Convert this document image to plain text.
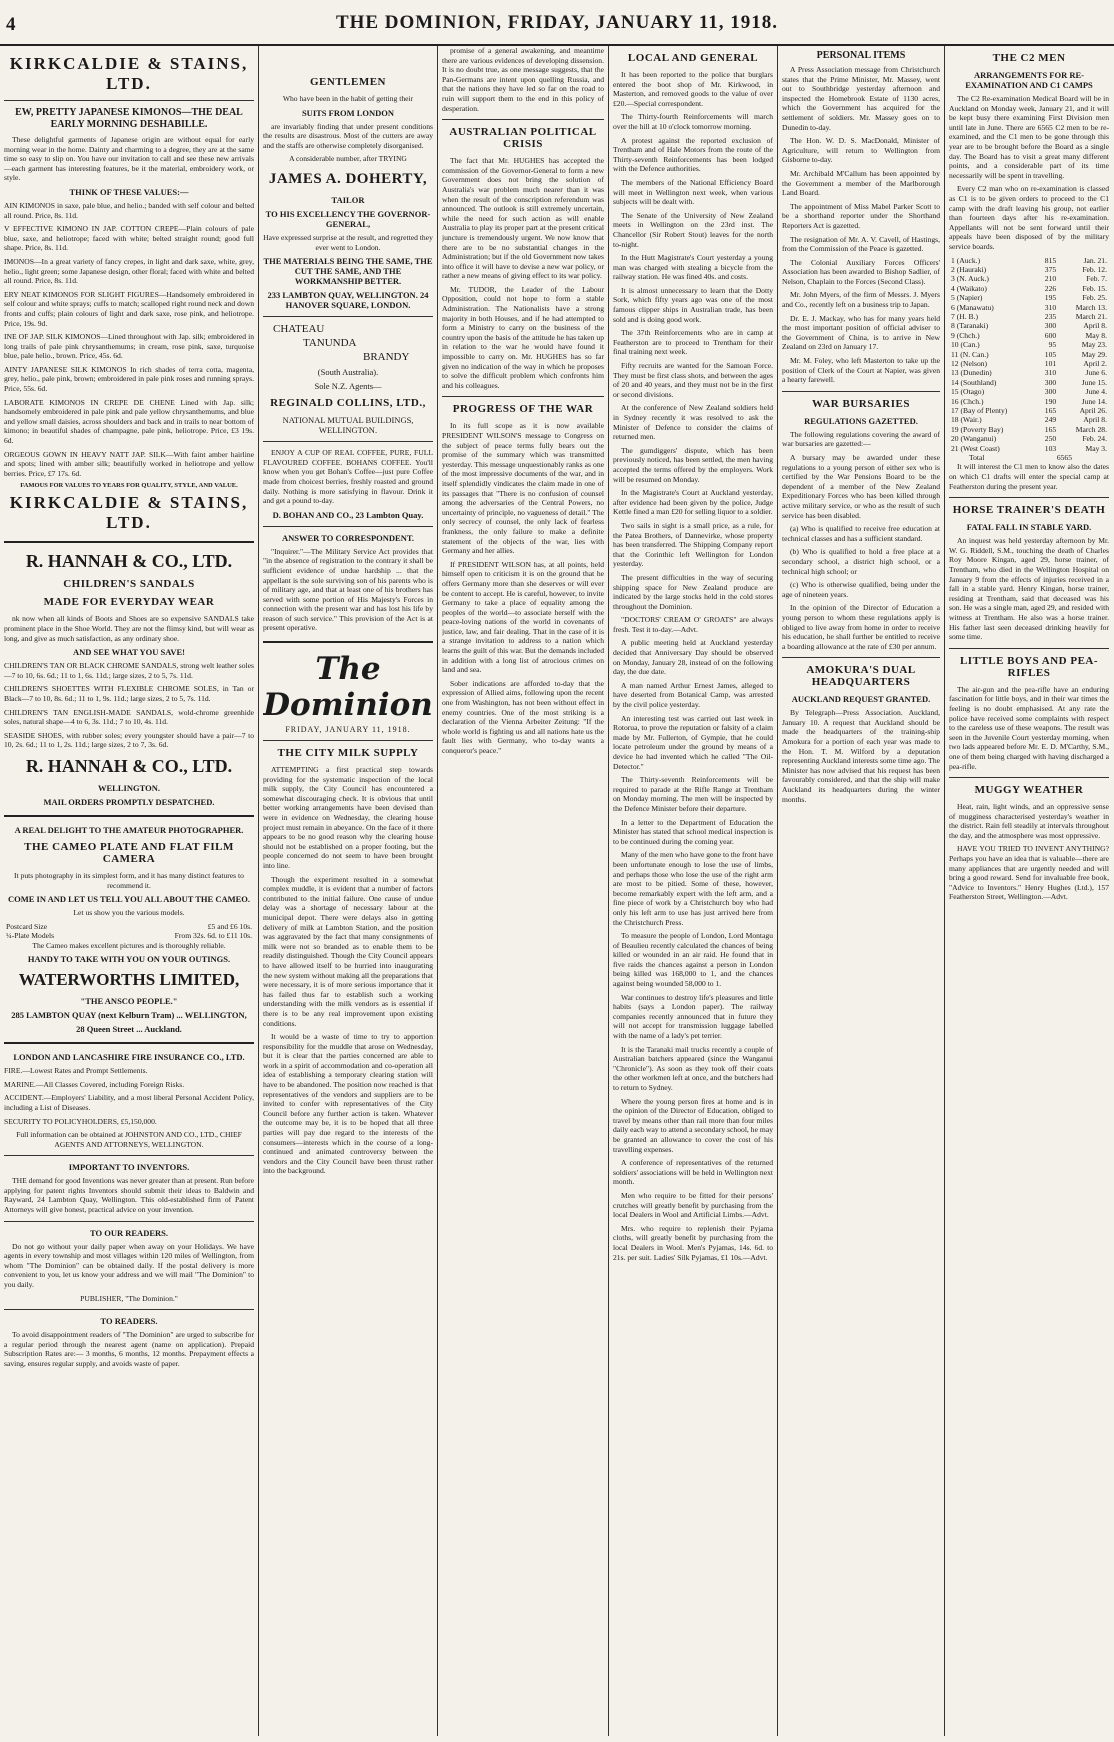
4	THE DOMINION, FRIDAY, JANUARY 11, 1918.
KIRKCALDIE & STAINS, LTD.
EW, PRETTY JAPANESE KIMONOS—THE DEAL EARLY MORNING DESHABILLE.

These delightful garments of Japanese origin are without equal for early morning wear in the home. Dainty and charming to a degree, they are at the same time so easy to slip on. You have our invitation to call and see these new arrivals—each garment has interesting features, be it the material, embroidery work, or style.

THINK OF THESE VALUES:—

AIN KIMONOS in saxe, pale blue, and helio.; banded with self colour and belted all round. Price, 8s. 11d.

V EFFECTIVE KIMONO IN JAP. COTTON CREPE—Plain colours of pale blue, saxe, and heliotrope; faced with white; belted straight round; good full shape. Price, 8s. 11d.

IMONOS—In a great variety of fancy crepes, in light and dark saxe, white, grey, helio., light green; some Japanese design, other floral; faced with white and belted all round. Price, 8s. 11d.

ERY NEAT KIMONOS FOR SLIGHT FIGURES—Handsomely embroidered in self colour and white sprays; cuffs to match; scalloped right round neck and down fronts and cuffs; plain colours of light and dark saxe, rose pink, and heliotrope. Price, 19s. 9d.

INE OF JAP. SILK KIMONOS—Lined throughout with Jap. silk; embroidered in long trails of pale pink chrysanthemums; in cream, rose pink, saxe, turquoise blue, pale helio., brown. Price, 45s. 6d.

AINTY JAPANESE SILK KIMONOS In rich shades of terra cotta, magenta, grey, helio., pale pink, brown; embroidered in pale pink roses and running sprays. Price, 55s. 6d.

LABORATE KIMONOS IN CREPE DE CHENE Lined with Jap. silk; handsomely embroidered in pale pink and pale yellow chrysanthemums, and blue and yellow small daisies, across shoulders and back and in trails to near bottom of kimono; in beautiful shades of champagne, pale pink, heliotrope. Price, £3 19s. 6d.

ORGEOUS GOWN IN HEAVY NATT JAP. SILK—With faint amber hairline and spots; lined with amber silk; beautifully worked in heliotrope and yellow berries. Price, £7 17s. 6d.

FAMOUS FOR VALUES TO YEARS FOR QUALITY, STYLE, AND VALUE.
KIRKCALDIE & STAINS, LTD.
R. HANNAH & CO., LTD.
CHILDREN'S SANDALS
MADE FOR EVERYDAY WEAR

nk now when all kinds of Boots and Shoes are so expensive SANDALS take prominent place in the Shoe World. They are not the flimsy kind, but will wear as long, and give as much satisfaction, as any ordinary shoe.

AND SEE WHAT YOU SAVE!

CHILDREN'S TAN OR BLACK CHROME SANDALS, strong welt leather soles—7 to 10, 6s. 6d.; 11 to 1, 6s. 11d.; large sizes, 2 to 5, 7s. 11d.

CHILDREN'S SHOETTES WITH FLEXIBLE CHROME SOLES, in Tan or Black—7 to 10, 8s. 6d.; 11 to 1, 9s. 11d.; large sizes, 2 to 5, 7s. 11d.

CHILDREN'S TAN ENGLISH-MADE SANDALS, wold-chrome greenhide soles, natural shape—4 to 6, 3s. 11d.; 7 to 10, 4s. 11d.

SEASIDE SHOES, with rubber soles; every youngster should have a pair—7 to 10, 2s. 6d.; 11 to 1, 2s. 11d.; large sizes, 2 to 7, 3s. 6d.

R. HANNAH & CO., LTD.
WELLINGTON.
MAIL ORDERS PROMPTLY DESPATCHED.
A REAL DELIGHT TO THE AMATEUR PHOTOGRAPHER.
THE CAMEO PLATE AND FLAT FILM CAMERA

It puts photography in its simplest form, and it has many distinct features to recommend it.

COME IN AND LET US TELL YOU ALL ABOUT THE CAMEO.

Let us show you the various models.

Postcard Size	£5 and £6 10s.
¼-Plate Models	From 32s. 6d. to £11 10s.

The Cameo makes excellent pictures and is thoroughly reliable.

HANDY TO TAKE WITH YOU ON YOUR OUTINGS.
WATERWORTHS LIMITED,
"THE ANSCO PEOPLE."
285 LAMBTON QUAY (next Kelburn Tram) ... WELLINGTON,
28 Queen Street ... Auckland.
LONDON AND LANCASHIRE FIRE INSURANCE CO., LTD.

FIRE.—Lowest Rates and Prompt Settlements.

MARINE.—All Classes Covered, including Foreign Risks.

ACCIDENT.—Employers' Liability, and a most liberal Personal Accident Policy, including a List of Diseases.

SECURITY TO POLICYHOLDERS, £5,150,000.

Full information can be obtained at JOHNSTON AND CO., LTD., CHIEF AGENTS AND ATTORNEYS, WELLINGTON.

IMPORTANT TO INVENTORS.

THE demand for good Inventions was never greater than at present. Run before applying for patent rights Inventors should submit their ideas to Baldwin and Rayward, 24 Lambton Quay, Wellington. This old-established firm of Patent Attorneys will give honest, practical advice on your invention.

TO OUR READERS.

Do not go without your daily paper when away on your Holidays. We have agents in every township and most villages within 120 miles of Wellington, from whom "The Dominion" can be obtained daily. If the postal delivery is more convenient to you, let us know your address and we will mail "The Dominion" to you daily.

PUBLISHER, "The Dominion."

TO READERS.

To avoid disappointment readers of "The Dominion" are urged to subscribe for a regular period through the nearest agent (name on application). Prepaid Subscription Rates are:— 3 months, 6 months, 12 months. Prepayment effects a saving, ensures regular supply, and avoids waste of paper.

GENTLEMEN

Who have been in the habit of getting their

SUITS FROM LONDON

are invariably finding that under present conditions the results are disastrous. Most of the cutters are away and the staffs are otherwise completely disorganised.

A considerable number, after TRYING

JAMES A. DOHERTY,
TAILOR
TO HIS EXCELLENCY THE GOVERNOR-GENERAL,

Have expressed surprise at the result, and regretted they ever went to London.

THE MATERIALS BEING THE SAME, THE CUT THE SAME, AND THE WORKMANSHIP BETTER.
233 LAMBTON QUAY, WELLINGTON. 24 HANOVER SQUARE, LONDON.
CHATEAU
TANUNDA
BRANDY
(South Australia).
Sole N.Z. Agents—
REGINALD COLLINS, LTD.,
NATIONAL MUTUAL BUILDINGS, WELLINGTON.

ENJOY A CUP OF REAL COFFEE, PURE, FULL FLAVOURED COFFEE. BOHANS COFFEE. You'll know when you get Bohan's Coffee—just pure Coffee made from choicest berries, freshly roasted and ground daily. Nothing is more satisfying in flavour. Drink it and get a pound to-day.

D. BOHAN AND CO., 23 Lambton Quay.
ANSWER TO CORRESPONDENT.

"Inquirer."—The Military Service Act provides that "in the absence of registration to the contrary it shall be sufficient evidence of undue hardship ... that the appellant is the sole surviving son of his parents who is of military age, and that at least one of his brothers has served with some portion of His Majesty's Forces in connection with the present war and has lost his life by reason of such service." This provision of the Act is at present operative.

The Dominion
FRIDAY, JANUARY 11, 1918.
THE CITY MILK SUPPLY

ATTEMPTING a first practical step towards providing for the systematic inspection of the local milk supply, the City Council has encountered a somewhat discouraging check. It is obvious that until better working arrangements have been devised than were in evidence on Wednesday, the clearing house project must remain in abeyance. On the face of it there appears to be no good reason why the clearing house should not be established on a proper footing, but the people concerned do not seem to have been brought into line.

Though the experiment resulted in a somewhat complex muddle, it is evident that a number of factors contributed to the initial failure. One cause of undue delay was a shortage of necessary labour at the municipal depot. There were delays also in getting delivery of milk at Lambton Station, and the position was aggravated by the fact that many consignments of milk were not so branded as to enable them to be readily distinguished. Though the City Council appears to have allowed itself to be hurried into inaugurating the new system without making all the preparations that were necessary, it is of more serious importance that it has failed thus far to establish such a working understanding with the milk vendors as is essential if there is to be any real improvement upon existing conditions.

It would be a waste of time to try to apportion responsibility for the muddle that arose on Wednesday, but it is clear that the parties concerned are able to work in a spirit of accommodation and co-operation all idea of establishing a temporary clearing station will have to be abandoned. The position now reached is that representatives of the vendors and suppliers are to be invited to confer with representatives of the City Council before any further action is taken. Whatever the outcome may be, it is to be hoped that all three parties will pay due regard to the interests of the consumers—interests which in the course of a long-continued and animated controversy between the vendors and the City Council have been thrust rather into the background.

promise of a general awakening, and meantime there are various evidences of developing dissension. It is no doubt true, as one message suggests, that the Pan-Germans are intent upon quelling Russia, and that the nations they have led so far on the road to ruin will support them to the end in this policy of desperation.

AUSTRALIAN POLITICAL CRISIS

The fact that Mr. HUGHES has accepted the commission of the Governor-General to form a new Government does not bring the solution of Australia's war problem much nearer than it was when the result of the conscription referendum was announced. The outlook is still extremely uncertain, while the need for such action as will enable Australia to play its proper part at the present critical juncture is tremendously urgent. We now know that there are to be no substantial changes in the Administration; but if the old Government now takes into office it will have to devise a new war policy, or rather a new means of giving effect to its war policy.

Mr. TUDOR, the Leader of the Labour Opposition, could not hope to form a stable Administration. The Nationalists have a strong majority in both Houses, and if he had attempted to form a Ministry to carry on the business of the country upon the basis of the attitude he has taken up in relation to the war he would have found it impossible to carry on. Mr. HUGHES has so far given no indication of the way in which he proposes to solve the difficult problem which confronts him and his colleagues.

PROGRESS OF THE WAR

In its full scope as it is now available PRESIDENT WILSON'S message to Congress on the subject of peace terms fully bears out the promise of the summary which was transmitted yesterday. This message unquestionably ranks as one of the most impressive documents of the war, and in itself splendidly vindicates the claim made in one of its passages that "There is no confusion of counsel among the adversaries of the Central Powers, no uncertainty of principle, no vagueness of detail." The only secrecy of counsel, the only lack of fearless frankness, the only failure to make a definite statement of the objects of the war, lies with Germany and her allies.

If PRESIDENT WILSON has, at all points, held himself open to criticism it is on the ground that he offers Germany more than she deserves or will ever be content to accept. He is careful, however, to invite Germany to take a place of equality among the peoples of the world—to associate herself with the peace-loving nations of the world in covenants of justice, law, and fair dealing. That in the case of it is a strange invitation to address to a nation which learns the guilt of this war. But the demands included in addition with a long list of atrocious crimes on land and sea.

Sober indications are afforded to-day that the expression of Allied aims, following upon the recent one from Washington, has not been without effect in enemy countries. One of the most striking is a declaration of the Vienna Arbeiter Zeitung: "If the whole world is fighting us and all nations hate us the fault lies with Germany, who to-day wants a conqueror's peace."

LOCAL AND GENERAL

It has been reported to the police that burglars entered the boot shop of Mr. Kirkwood, in Masterton, and removed goods to the value of over £20.—Special correspondent.

The Thirty-fourth Reinforcements will march over the hill at 10 o'clock tomorrow morning.

A protest against the reported exclusion of Trentham and of Hale Motors from the route of the Thirty-seventh Reinforcements has been lodged with the Defence authorities.

The members of the National Efficiency Board will meet in Wellington next week, when various subjects will be dealt with.

The Senate of the University of New Zealand meets in Wellington on the 23rd inst. The Chancellor (Sir Robert Stout) leaves for the north to-night.

In the Hutt Magistrate's Court yesterday a young man was charged with stealing a bicycle from the railway station. He was fined 40s. and costs.

It is almost unnecessary to learn that the Dotty Sork, which fifty years ago was one of the most famous clipper ships in Australian trade, has been sold and is doing good work.

The 37th Reinforcements who are in camp at Featherston are to proceed to Trentham for their final training next week.

Fifty recruits are wanted for the Samoan Force. They must be first class shots, and between the ages of 20 and 40 years, and they must not be in the first or second divisions.

At the conference of New Zealand soldiers held in Sydney recently it was resolved to ask the Minister of Defence to consider the claims of returned men.

The gumdiggers' dispute, which has been previously noticed, has been settled, the men having accepted the terms offered by the employers. Work will be resumed on Monday.

In the Magistrate's Court at Auckland yesterday, after evidence had been given by the police, Judge Kettle fined a man £20 for selling liquor to a soldier.

Two sails in sight is a small price, as a rule, for the Patea Brothers, of Dannevirke, whose property has been transferred. The Shipping Company report that the Corinthic left Wellington for London yesterday.

The present difficulties in the way of securing shipping space for New Zealand produce are indicated by the large stocks held in the cold stores throughout the Dominion.

"DOCTORS' CREAM O' GROATS" are always fresh. Test it to-day.—Advt.

A public meeting held at Auckland yesterday decided that Anniversary Day should be observed on Monday, January 28, instead of on the following day, the due date.

A man named Arthur Ernest James, alleged to have deserted from Botanical Camp, was arrested by the civil police yesterday.

An interesting test was carried out last week in Rotorua, to prove the reputation or falsity of a claim made by Mr. Fullerton, of Gympie, that he could locate petroleum under the ground by means of a device he had invented which he called "The Oil-Detector."

The Thirty-seventh Reinforcements will be required to parade at the Rifle Range at Trentham on Monday morning. The men will be inspected by the Defence Minister before their departure.

In a letter to the Department of Education the Minister has stated that school medical inspection is to be continued during the coming year.

Many of the men who have gone to the front have been unfortunate enough to lose the use of limbs, and perhaps those who lose the use of the right arm are most to be pitied. Some of these, however, become remarkably expert with the left arm, and a fine piece of work by a Christchurch boy who had only his left arm to use has just arrived here from the Christchurch Press.

To measure the people of London, Lord Montagu of Beaulieu recently calculated the chances of being killed or wounded in an air raid. He found that in five raids the chances against a person in London being killed was 168,000 to 1, and the chances against being wounded 58,000 to 1.

War continues to destroy life's pleasures and little habits (says a London paper). The railway companies recently announced that in future they will not accept for transmission luggage labelled with the name of a lady's pet terrier.

It is the Taranaki mail trucks recently a couple of Australian batchers appeared (since the Wanganui "Chronicle"). As soon as they took off their coats the other workmen left at once, and the butchers had to return to Sydney.

Where the young person fires at home and is in the opinion of the Director of Education, obliged to travel by means other than rail more than four miles daily each way to attend a secondary school, he may be granted an allowance to cover the cost of his travelling expenses.

A conference of representatives of the returned soldiers' associations will be held in Wellington next month.

Men who require to be fitted for their persons' crutches will greatly benefit by purchasing from the local Dealers in Wool and Artificial Limbs.—Advt.

Mrs. who require to replenish their Pyjama cloths, will greatly benefit by purchasing from the local Dealers in Wool. Men's Pyjamas, 14s. 6d. to 21s. per suit. Ladies' Silk Pyjamas, £1 10s.—Advt.

PERSONAL ITEMS

A Press Association message from Christchurch states that the Prime Minister, Mr. Massey, went out to Southbridge yesterday afternoon and inspected the Homebrook Estate of 1130 acres, which the Government has acquired for the settlement of soldiers. Mr. Massey goes on to Dunedin to-day.

The Hon. W. D. S. MacDonald, Minister of Agriculture, will return to Wellington from Gisborne to-day.

Mr. Archibald M'Callum has been appointed by the Government a member of the Marlborough Land Board.

The appointment of Miss Mabel Parker Scott to be a shorthand reporter under the Shorthand Reporters Act is gazetted.

The resignation of Mr. A. V. Cavell, of Hastings, from the Commission of the Peace is gazetted.

The Colonial Auxiliary Forces Officers' Association has been awarded to Bishop Sadlier, of Nelson, Chaplain to the Forces (Second Class).

Mr. John Myers, of the firm of Messrs. J. Myers and Co., recently left on a business trip to Japan.

Dr. E. J. Mackay, who has for many years held the most important position of official adviser to the Government of China, is to arrive in New Zealand on 23rd on January 17.

Mr. M. Foley, who left Masterton to take up the position of Clerk of the Court at Napier, was given a hearty farewell.

WAR BURSARIES
REGULATIONS GAZETTED.

The following regulations covering the award of war bursaries are gazetted:—

A bursary may be awarded under these regulations to a young person of either sex who is certified by the War Pensions Board to be the dependent of a member of the New Zealand Expeditionary Forces who has been killed through active military service, or who as the result of such service has been disabled.

(a) Who is qualified to receive free education at technical classes and has a sufficient standard.

(b) Who is qualified to hold a free place at a secondary school, a district high school, or a technical high school; or

(c) Who is otherwise qualified, being under the age of nineteen years.

In the opinion of the Director of Education a young person to whom these regulations apply is obliged to live away from home in order to receive his education, he shall further be entitled to receive a boarding allowance at the rate of £30 per annum.

AMOKURA'S DUAL HEADQUARTERS
AUCKLAND REQUEST GRANTED.

By Telegraph—Press Association. Auckland, January 10. A request that Auckland should be made the headquarters of the training-ship Amokura for a portion of each year was made to the Hon. T. M. Wilford by a deputation representing Auckland interests some time ago. The Minister has now advised that his request has been favourably considered, and that the ship will make Auckland its headquarters during the winter months.

THE C2 MEN
ARRANGEMENTS FOR RE-EXAMINATION AND C1 CAMPS

The C2 Re-examination Medical Board will be in Auckland on Monday week, January 21, and it will be kept busy there examining First Division men until late in June. There are 6565 C2 men to be re-examined, and the C1 men to be gone through this year are to be brought before the Board as a single day. The Board has to visit a great many different points, and a considerable part of its time necessarily will be spent in travelling.

Every C2 man who on re-examination is classed as C1 is to be given orders to proceed to the C1 camp with the draft leaving his group, not earlier than fourteen days after his re-examination. Appellants will not be sent forward until their appeals have been disposed of by the military service boards.

1 (Auck.)	815	Jan. 21.
2 (Hauraki)	375	Feb. 12.
3 (N. Auck.)	210	Feb. 7.
4 (Waikato)	226	Feb. 15.
5 (Napier)	195	Feb. 25.
6 (Manawatu)	310	March 13.
7 (H. B.)	235	March 21.
8 (Taranaki)	300	April 8.
9 (Chch.)	600	May 8.
10 (Can.)	95	May 23.
11 (N. Can.)	105	May 29.
12 (Nelson)	101	April 2.
13 (Dunedin)	310	June 6.
14 (Southland)	300	June 15.
15 (Otago)	300	June 4.
16 (Chch.)	190	June 14.
17 (Bay of Plenty)	165	April 26.
18 (Wair.)	249	April 8.
19 (Poverty Bay)	165	March 28.
20 (Wanganui)	250	Feb. 24.
21 (West Coast)	103	May 3.
Total	6565

It will interest the C1 men to know also the dates on which C1 drafts will enter the special camp at Featherston during the present year.

HORSE TRAINER'S DEATH
FATAL FALL IN STABLE YARD.

An inquest was held yesterday afternoon by Mr. W. G. Riddell, S.M., touching the death of Charles Roy Moore Kingan, aged 29, horse trainer, of Trentham, who died in the Wellington Hospital on January 9 from the effects of injuries received in a fall in a stable yard. Henry Kingan, horse trainer, residing at Trentham, said that deceased was his son. He was a single man, aged 29, and resided with witness at Trentham. He also was a horse trainer. His father last seen deceased drinking heavily for some time.

LITTLE BOYS AND PEA-RIFLES

The air-gun and the pea-rifle have an enduring fascination for little boys, and in their war times the feeling is no doubt emphasised. At any rate the police have received some complaints with respect to the careless use of these weapons. The result was seen in the Juvenile Court yesterday morning, when two lads appeared before Mr. E. D. M'Carthy, S.M., one of them being charged with having discharged a pea-rifle.

MUGGY WEATHER

Heat, rain, light winds, and an oppressive sense of mugginess characterised yesterday's weather in the district. Rain fell steadily at intervals throughout the day, and the atmosphere was most oppressive.

HAVE YOU TRIED TO INVENT ANYTHING? Perhaps you have an idea that is valuable—there are many appliances that are urgently needed and will bring a good reward. Send for invaluable free book, "Advice to Inventors." Henry Hughes (Ltd.), 157 Featherston Street, Wellington.—Advt.
